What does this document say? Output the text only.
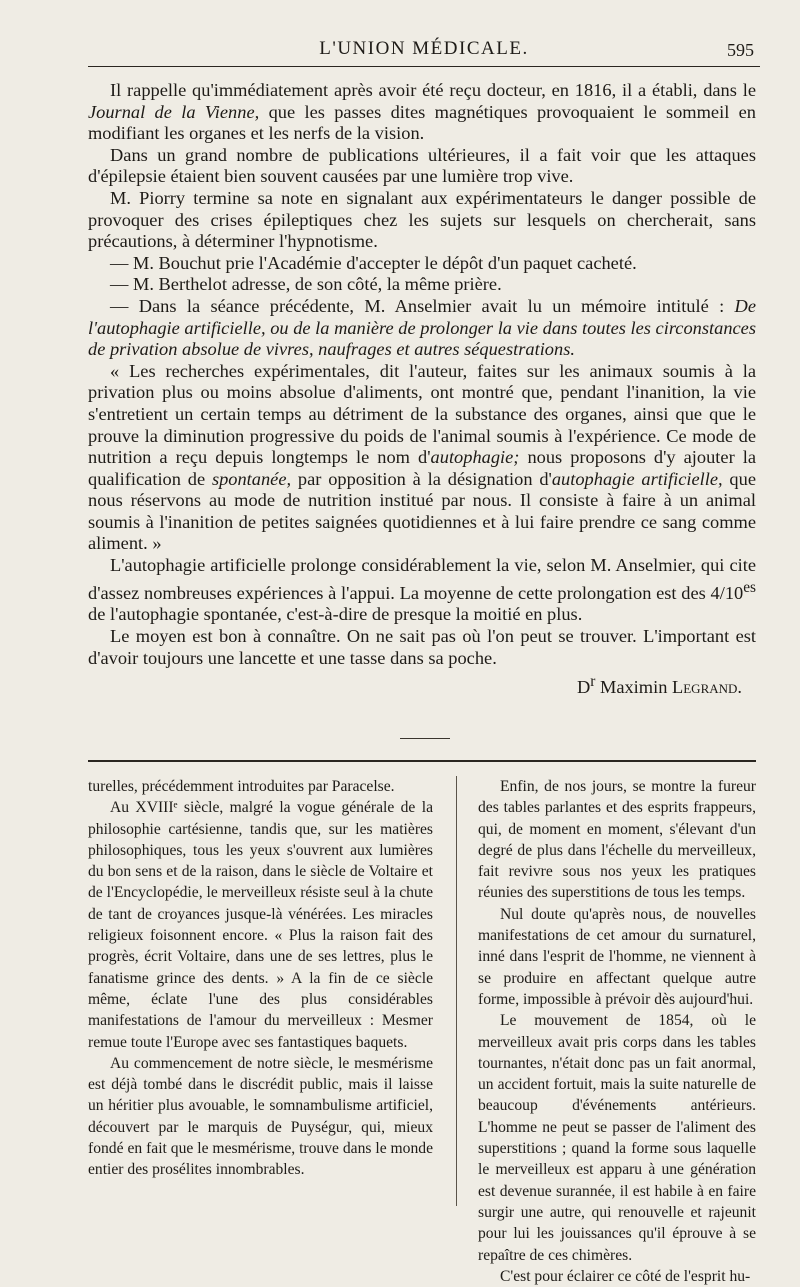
L'UNION MÉDICALE.	595

Il rappelle qu'immédiatement après avoir été reçu docteur, en 1816, il a établi, dans le Journal de la Vienne, que les passes dites magnétiques provoquaient le sommeil en modifiant les organes et les nerfs de la vision.

Dans un grand nombre de publications ultérieures, il a fait voir que les attaques d'épilepsie étaient bien souvent causées par une lumière trop vive.

M. Piorry termine sa note en signalant aux expérimentateurs le danger possible de provoquer des crises épileptiques chez les sujets sur lesquels on chercherait, sans précautions, à déterminer l'hypnotisme.

— M. Bouchut prie l'Académie d'accepter le dépôt d'un paquet cacheté.

— M. Berthelot adresse, de son côté, la même prière.

— Dans la séance précédente, M. Anselmier avait lu un mémoire intitulé : De l'autophagie artificielle, ou de la manière de prolonger la vie dans toutes les circonstances de privation absolue de vivres, naufrages et autres séquestrations.

« Les recherches expérimentales, dit l'auteur, faites sur les animaux soumis à la privation plus ou moins absolue d'aliments, ont montré que, pendant l'inanition, la vie s'entretient un certain temps au détriment de la substance des organes, ainsi que que le prouve la diminution progressive du poids de l'animal soumis à l'expérience. Ce mode de nutrition a reçu depuis longtemps le nom d'autophagie; nous proposons d'y ajouter la qualification de spontanée, par opposition à la désignation d'autophagie artificielle, que nous réservons au mode de nutrition institué par nous. Il consiste à faire à un animal soumis à l'inanition de petites saignées quotidiennes et à lui faire prendre ce sang comme aliment. »

L'autophagie artificielle prolonge considérablement la vie, selon M. Anselmier, qui cite d'assez nombreuses expériences à l'appui. La moyenne de cette prolongation est des $4/10^{es}$ de l'autophagie spontanée, c'est-à-dire de presque la moitié en plus.

Le moyen est bon à connaître. On ne sait pas où l'on peut se trouver. L'important est d'avoir toujours une lancette et une tasse dans sa poche.

$D^r$ Maximin Legrand.

turelles, précédemment introduites par Paracelse.

Au XVIIIᵉ siècle, malgré la vogue générale de la philosophie cartésienne, tandis que, sur les matières philosophiques, tous les yeux s'ouvrent aux lumières du bon sens et de la raison, dans le siècle de Voltaire et de l'Encyclopédie, le merveilleux résiste seul à la chute de tant de croyances jusque-là vénérées. Les miracles religieux foisonnent encore. « Plus la raison fait des progrès, écrit Voltaire, dans une de ses lettres, plus le fanatisme grince des dents. » A la fin de ce siècle même, éclate l'une des plus considérables manifestations de l'amour du merveilleux : Mesmer remue toute l'Europe avec ses fantastiques baquets.

Au commencement de notre siècle, le mesmérisme est déjà tombé dans le discrédit public, mais il laisse un héritier plus avouable, le somnambulisme artificiel, découvert par le marquis de Puységur, qui, mieux fondé en fait que le mesmérisme, trouve dans le monde entier des prosélites innombrables.

Enfin, de nos jours, se montre la fureur des tables parlantes et des esprits frappeurs, qui, de moment en moment, s'élevant d'un degré de plus dans l'échelle du merveilleux, fait revivre sous nos yeux les pratiques réunies des superstitions de tous les temps.

Nul doute qu'après nous, de nouvelles manifestations de cet amour du surnaturel, inné dans l'esprit de l'homme, ne viennent à se produire en affectant quelque autre forme, impossible à prévoir dès aujourd'hui.

Le mouvement de 1854, où le merveilleux avait pris corps dans les tables tournantes, n'était donc pas un fait anormal, un accident fortuit, mais la suite naturelle de beaucoup d'événements antérieurs. L'homme ne peut se passer de l'aliment des superstitions ; quand la forme sous laquelle le merveilleux est apparu à une génération est devenue surannée, il est habile à en faire surgir une autre, qui renouvelle et rajeunit pour lui les jouissances qu'il éprouve à se repaître de ces chimères.

C'est pour éclairer ce côté de l'esprit hu-
